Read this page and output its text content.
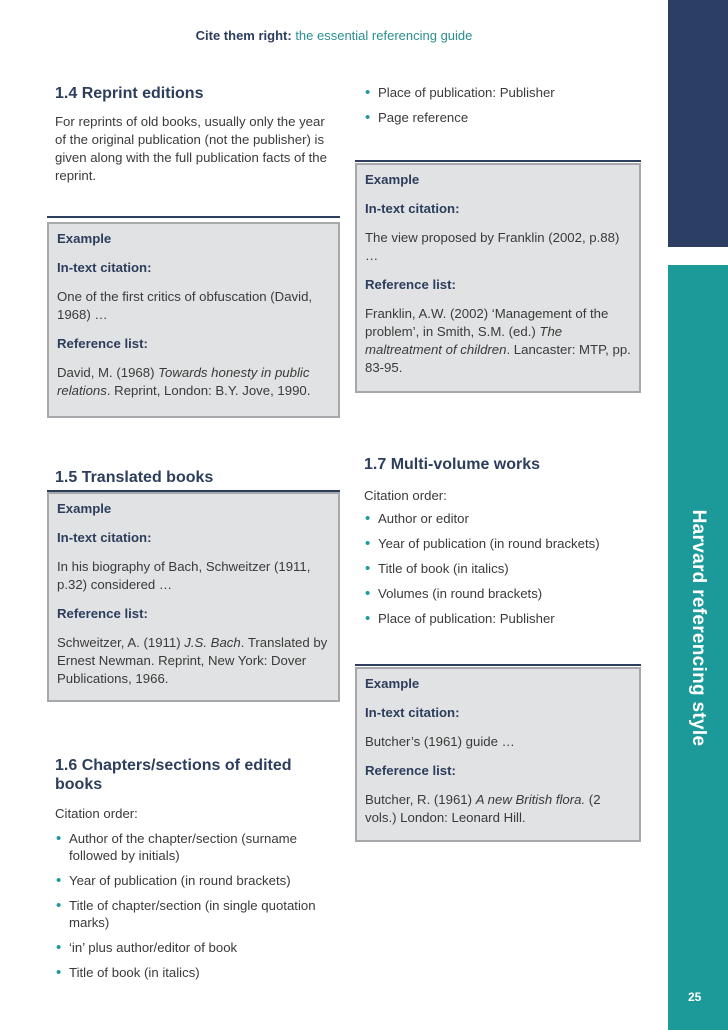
Cite them right: the essential referencing guide
Harvard referencing style
25
1.4 Reprint editions

For reprints of old books, usually only the year of the original publication (not the publisher) is given along with the full publication facts of the reprint.

Example

In-text citation:

One of the first critics of obfuscation (David, 1968) …

Reference list:

David, M. (1968) Towards honesty in public relations. Reprint, London: B.Y. Jove, 1990.

1.5 Translated books

Example

In-text citation:

In his biography of Bach, Schweitzer (1911, p.32) considered …

Reference list:

Schweitzer, A. (1911) J.S. Bach. Translated by Ernest Newman. Reprint, New York: Dover Publications, 1966.

1.6 Chapters/sections of edited books

Citation order:

• Author of the chapter/section (surname followed by initials)
• Year of publication (in round brackets)
• Title of chapter/section (in single quotation marks)
• ‘in’ plus author/editor of book
• Title of book (in italics)
• Place of publication: Publisher
• Page reference

Example

In-text citation:

The view proposed by Franklin (2002, p.88) …

Reference list:

Franklin, A.W. (2002) ‘Management of the problem’, in Smith, S.M. (ed.) The maltreatment of children. Lancaster: MTP, pp. 83-95.

1.7 Multi-volume works

Citation order:

• Author or editor
• Year of publication (in round brackets)
• Title of book (in italics)
• Volumes (in round brackets)
• Place of publication: Publisher

Example

In-text citation:

Butcher’s (1961) guide …

Reference list:

Butcher, R. (1961) A new British flora. (2 vols.) London: Leonard Hill.
